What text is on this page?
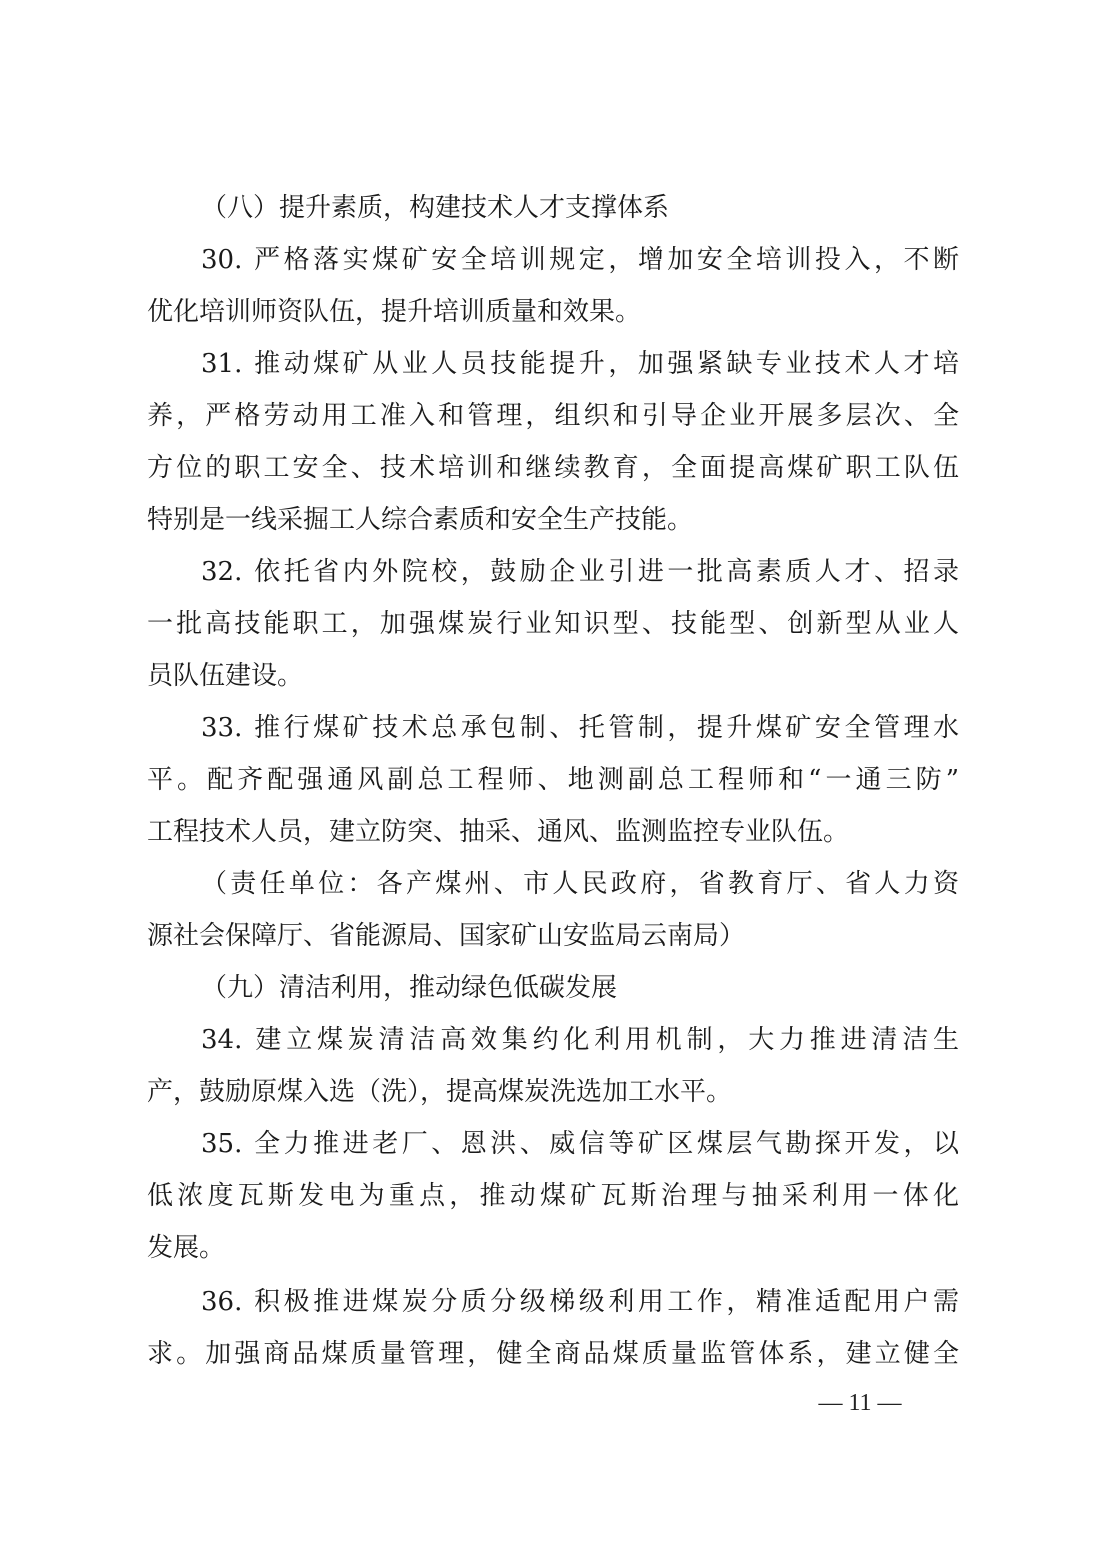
— 11 —
（八）提升素质，构建技术人才支撑体系
30. 严格落实煤矿安全培训规定，增加安全培训投入，不断
优化培训师资队伍，提升培训质量和效果。
31. 推动煤矿从业人员技能提升，加强紧缺专业技术人才培
养，严格劳动用工准入和管理，组织和引导企业开展多层次、全
方位的职工安全、技术培训和继续教育，全面提高煤矿职工队伍
特别是一线采掘工人综合素质和安全生产技能。
32. 依托省内外院校，鼓励企业引进一批高素质人才、招录
一批高技能职工，加强煤炭行业知识型、技能型、创新型从业人
员队伍建设。
33. 推行煤矿技术总承包制、托管制，提升煤矿安全管理水
平。配齐配强通风副总工程师、地测副总工程师和“一通三防”
工程技术人员，建立防突、抽采、通风、监测监控专业队伍。
（责任单位：各产煤州、市人民政府，省教育厅、省人力资
源社会保障厅、省能源局、国家矿山安监局云南局）
（九）清洁利用，推动绿色低碳发展
34. 建立煤炭清洁高效集约化利用机制，大力推进清洁生
产，鼓励原煤入选（洗），提高煤炭洗选加工水平。
35. 全力推进老厂、恩洪、威信等矿区煤层气勘探开发，以
低浓度瓦斯发电为重点，推动煤矿瓦斯治理与抽采利用一体化
发展。
36. 积极推进煤炭分质分级梯级利用工作，精准适配用户需
求。加强商品煤质量管理，健全商品煤质量监管体系，建立健全
